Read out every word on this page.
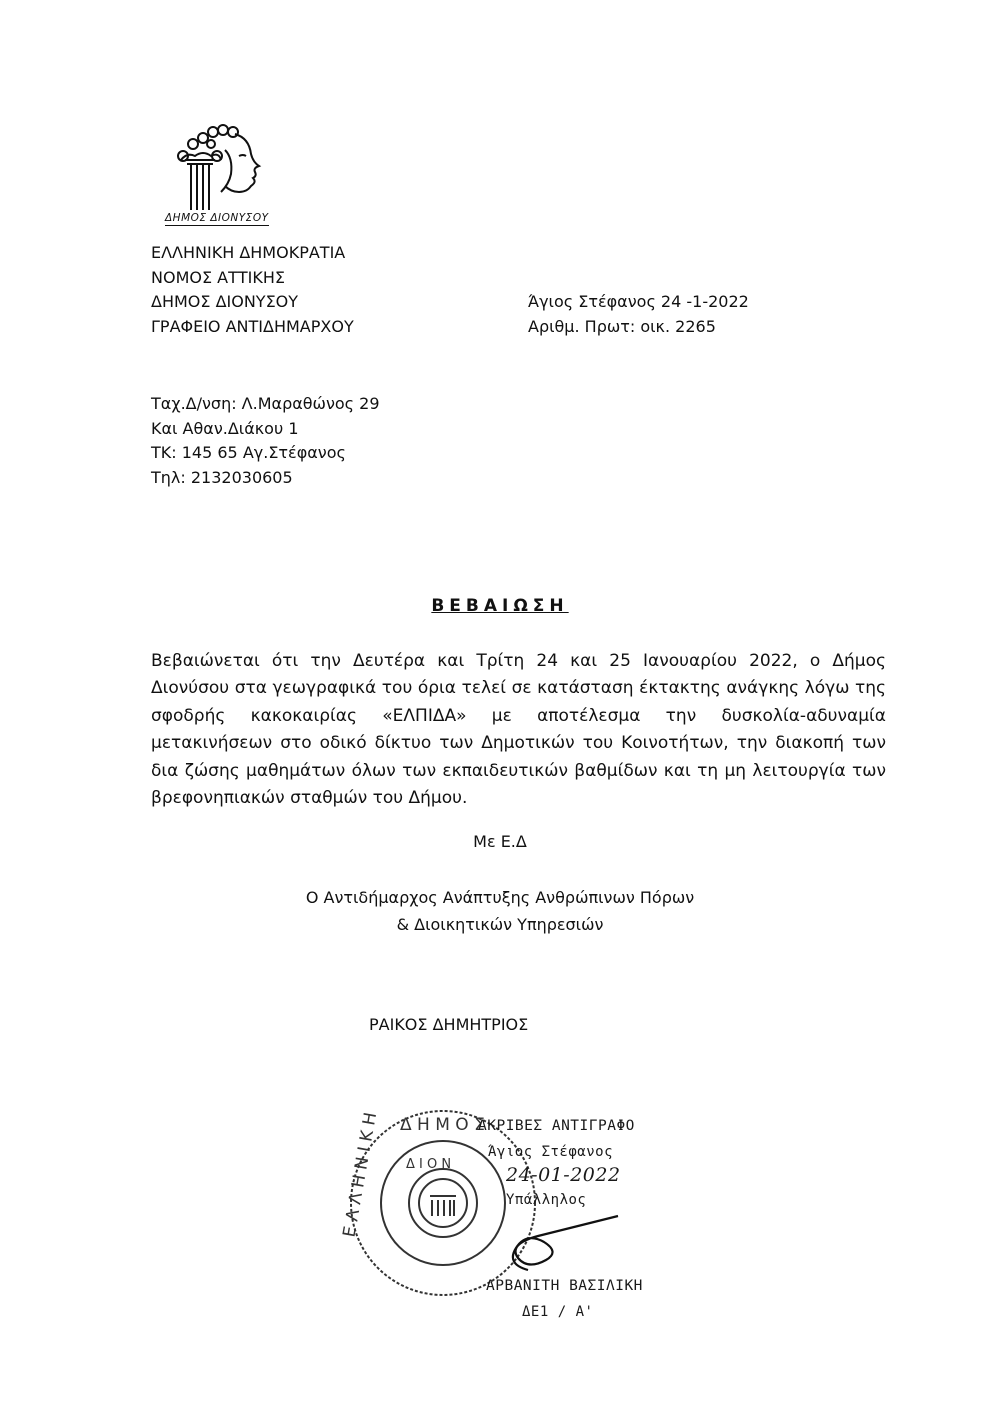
ΔΗΜΟΣ ΔΙΟΝΥΣΟΥ
ΕΛΛΗΝΙΚΗ ΔΗΜΟΚΡΑΤΙΑ
ΝΟΜΟΣ ΑΤΤΙΚΗΣ
ΔΗΜΟΣ ΔΙΟΝΥΣΟΥ
ΓΡΑΦΕΙΟ ΑΝΤΙΔΗΜΑΡΧΟΥ
Άγιος Στέφανος 24 -1-2022
Αριθμ. Πρωτ: οικ. 2265
Ταχ.Δ/νση: Λ.Μαραθώνος 29
Και Αθαν.Διάκου 1
ΤΚ: 145 65 Αγ.Στέφανος
Τηλ: 2132030605
ΒΕΒΑΙΩΣΗ

Βεβαιώνεται ότι την Δευτέρα και Τρίτη 24 και 25 Ιανουαρίου 2022, ο Δήμος Διονύσου στα γεωγραφικά του όρια τελεί σε κατάσταση έκτακτης ανάγκης λόγω της σφοδρής κακοκαιρίας «ΕΛΠΙΔΑ» με αποτέλεσμα την δυσκολία-αδυναμία μετακινήσεων στο οδικό δίκτυο των Δημοτικών του Κοινοτήτων, την διακοπή των δια ζώσης μαθημάτων όλων των εκπαιδευτικών βαθμίδων και τη μη λειτουργία των βρεφονηπιακών σταθμών του Δήμου.

Με Ε.Δ
Ο Αντιδήμαρχος Ανάπτυξης Ανθρώπινων Πόρων
& Διοικητικών Υπηρεσιών
ΡΑΙΚΟΣ ΔΗΜΗΤΡΙΟΣ
Δ Η Μ Ο Σ
Ε Λ Λ Η Ν Ι Κ Η Δ Ι Ο Ν
ΑΚΡΙΒΕΣ ΑΝΤΙΓΡΑΦΟ
Άγιος Στέφανος
24-01-2022
Υπάλληλος
ΑΡΒΑΝΙΤΗ ΒΑΣΙΛΙΚΗ
ΔΕ1 / Α'
